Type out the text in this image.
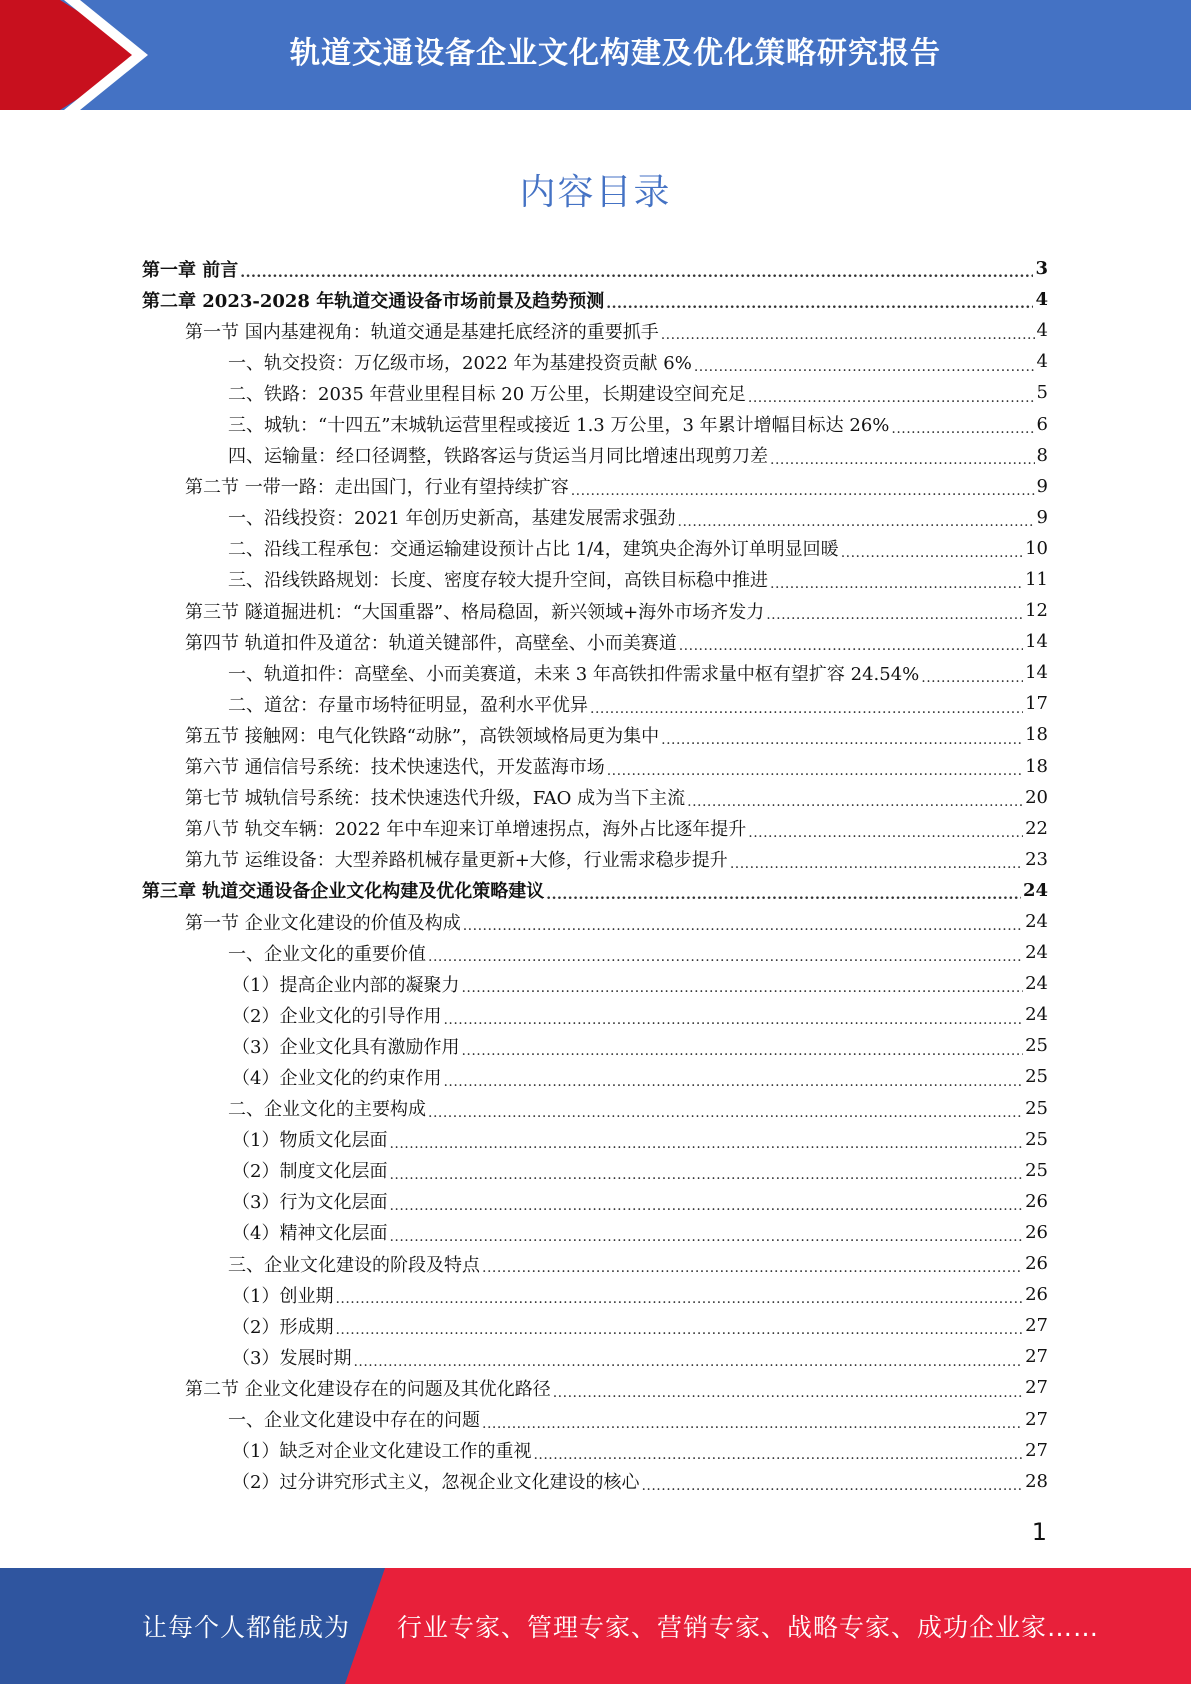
轨道交通设备企业文化构建及优化策略研究报告
内容目录
第一章 前言 .....	3
第二章 2023-2028 年轨道交通设备市场前景及趋势预测 .....	4
第一节 国内基建视角：轨道交通是基建托底经济的重要抓手 .....	4
一、轨交投资：万亿级市场，2022 年为基建投资贡献 6% .....	4
二、铁路：2035 年营业里程目标 20 万公里，长期建设空间充足 .....	5
三、城轨：“十四五”末城轨运营里程或接近 1.3 万公里，3 年累计增幅目标达 26% .....	6
四、运输量：经口径调整，铁路客运与货运当月同比增速出现剪刀差 .....	8
第二节 一带一路：走出国门，行业有望持续扩容 .....	9
一、沿线投资：2021 年创历史新高，基建发展需求强劲 .....	9
二、沿线工程承包：交通运输建设预计占比 1/4，建筑央企海外订单明显回暖 .....	10
三、沿线铁路规划：长度、密度存较大提升空间，高铁目标稳中推进 .....	11
第三节 隧道掘进机：“大国重器”、格局稳固，新兴领域+海外市场齐发力 .....	12
第四节 轨道扣件及道岔：轨道关键部件，高壁垒、小而美赛道 .....	14
一、轨道扣件：高壁垒、小而美赛道，未来 3 年高铁扣件需求量中枢有望扩容 24.54% .....	14
二、道岔：存量市场特征明显，盈利水平优异 .....	17
第五节 接触网：电气化铁路“动脉”，高铁领域格局更为集中 .....	18
第六节 通信信号系统：技术快速迭代，开发蓝海市场 .....	18
第七节 城轨信号系统：技术快速迭代升级，FAO 成为当下主流 .....	20
第八节 轨交车辆：2022 年中车迎来订单增速拐点，海外占比逐年提升 .....	22
第九节 运维设备：大型养路机械存量更新+大修，行业需求稳步提升 .....	23
第三章 轨道交通设备企业文化构建及优化策略建议 .....	24
第一节 企业文化建设的价值及构成 .....	24
一、企业文化的重要价值 .....	24
（1）提高企业内部的凝聚力 .....	24
（2）企业文化的引导作用 .....	24
（3）企业文化具有激励作用 .....	25
（4）企业文化的约束作用 .....	25
二、企业文化的主要构成 .....	25
（1）物质文化层面 .....	25
（2）制度文化层面 .....	25
（3）行为文化层面 .....	26
（4）精神文化层面 .....	26
三、企业文化建设的阶段及特点 .....	26
（1）创业期 .....	26
（2）形成期 .....	27
（3）发展时期 .....	27
第二节 企业文化建设存在的问题及其优化路径 .....	27
一、企业文化建设中存在的问题 .....	27
（1）缺乏对企业文化建设工作的重视 .....	27
（2）过分讲究形式主义，忽视企业文化建设的核心 .....	28
1
让每个人都能成为 行业专家、管理专家、营销专家、战略专家、成功企业家……
